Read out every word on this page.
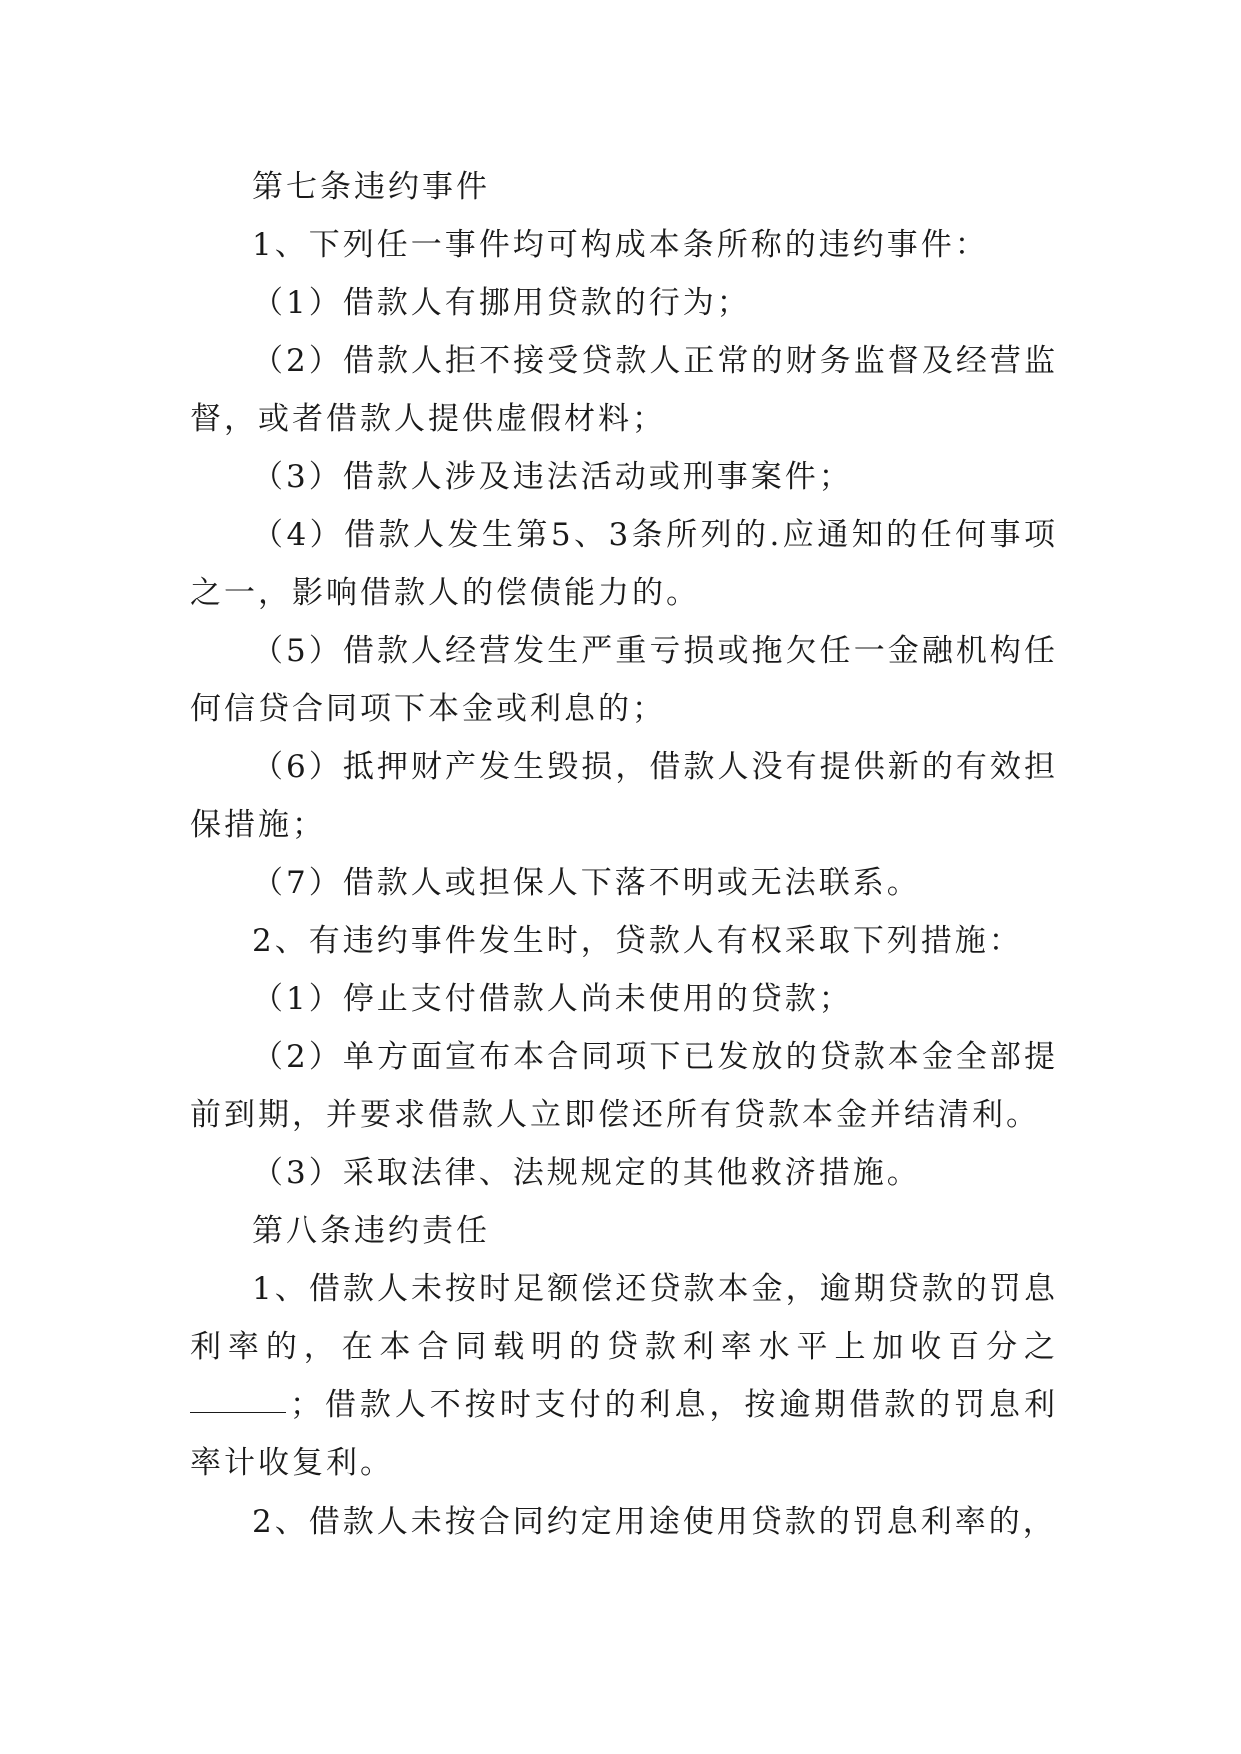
第七条违约事件

1、下列任一事件均可构成本条所称的违约事件：

（1）借款人有挪用贷款的行为；

（2）借款人拒不接受贷款人正常的财务监督及经营监督，或者借款人提供虚假材料；

（3）借款人涉及违法活动或刑事案件；

（4）借款人发生第5、3条所列的.应通知的任何事项之一，影响借款人的偿债能力的。

（5）借款人经营发生严重亏损或拖欠任一金融机构任何信贷合同项下本金或利息的；

（6）抵押财产发生毁损，借款人没有提供新的有效担保措施；

（7）借款人或担保人下落不明或无法联系。

2、有违约事件发生时，贷款人有权采取下列措施：

（1）停止支付借款人尚未使用的贷款；

（2）单方面宣布本合同项下已发放的贷款本金全部提前到期，并要求借款人立即偿还所有贷款本金并结清利。

（3）采取法律、法规规定的其他救济措施。

第八条违约责任

1、借款人未按时足额偿还贷款本金，逾期贷款的罚息利率的，在本合同载明的贷款利率水平上加收百分之；借款人不按时支付的利息，按逾期借款的罚息利率计收复利。

2、借款人未按合同约定用途使用贷款的罚息利率的，
